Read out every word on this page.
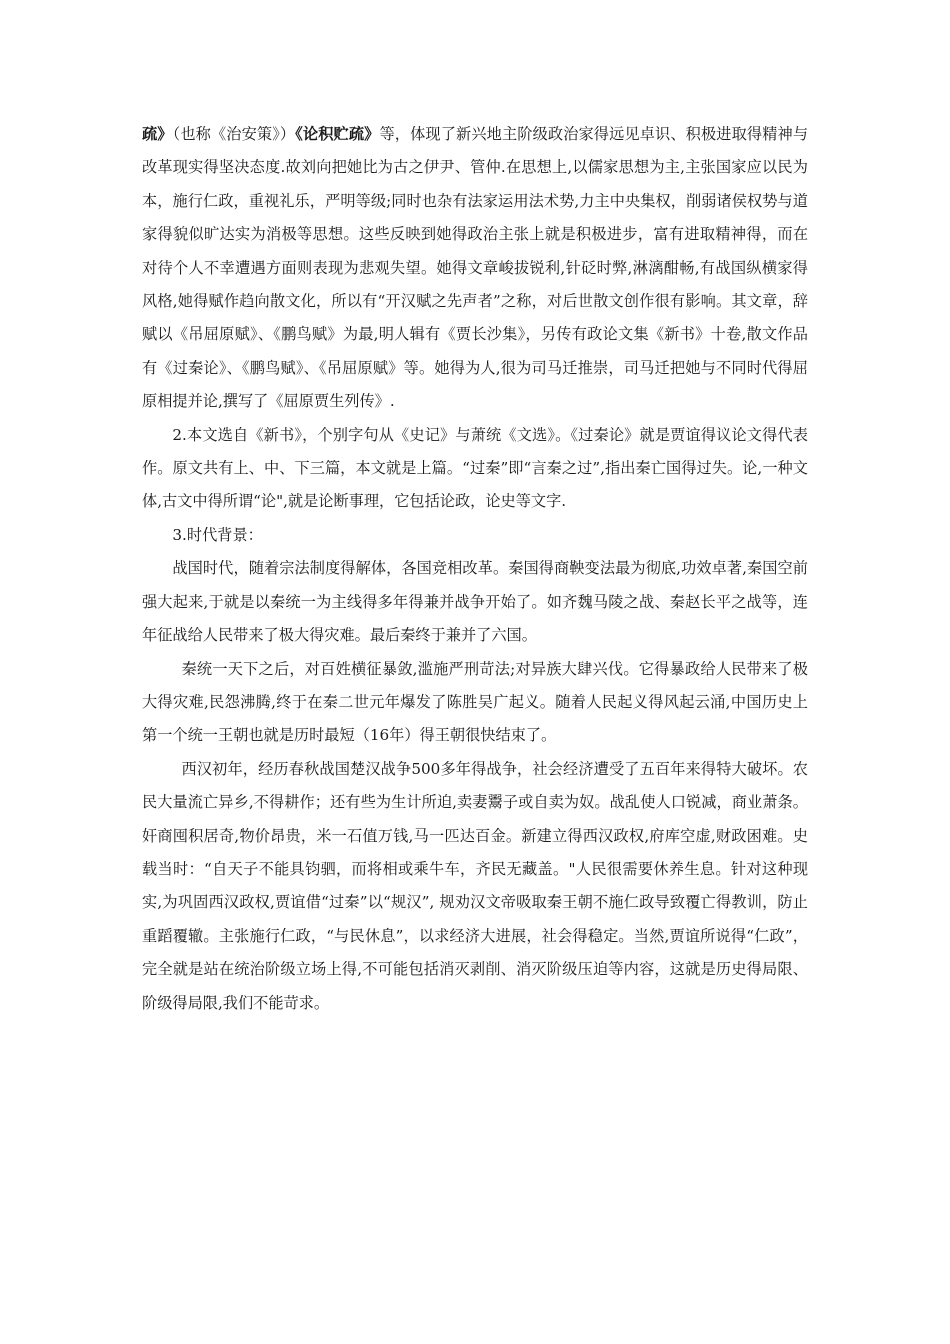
疏》（也称《治安策》）《论积贮疏》等，体现了新兴地主阶级政治家得远见卓识、积极进取得精神与改革现实得坚决态度.故刘向把她比为古之伊尹、管仲.在思想上,以儒家思想为主,主张国家应以民为本，施行仁政，重视礼乐，严明等级;同时也杂有法家运用法术势,力主中央集权，削弱诸侯权势与道家得貌似旷达实为消极等思想。这些反映到她得政治主张上就是积极进步，富有进取精神得，而在对待个人不幸遭遇方面则表现为悲观失望。她得文章峻拔锐利,针砭时弊,淋漓酣畅,有战国纵横家得风格,她得赋作趋向散文化，所以有“开汉赋之先声者”之称，对后世散文创作很有影响。其文章，辞赋以《吊屈原赋》、《鹏鸟赋》为最,明人辑有《贾长沙集》，另传有政论文集《新书》十卷,散文作品有《过秦论》、《鹏鸟赋》、《吊屈原赋》等。她得为人,很为司马迁推崇，司马迁把她与不同时代得屈原相提并论,撰写了《屈原贾生列传》.

2.本文选自《新书》，个别字句从《史记》与萧统《文选》。《过秦论》就是贾谊得议论文得代表作。原文共有上、中、下三篇，本文就是上篇。“过秦”即“言秦之过”,指出秦亡国得过失。论,一种文体,古文中得所谓“论",就是论断事理，它包括论政，论史等文字.

3.时代背景：

战国时代，随着宗法制度得解体，各国竞相改革。秦国得商鞅变法最为彻底,功效卓著,秦国空前强大起来,于就是以秦统一为主线得多年得兼并战争开始了。如齐魏马陵之战、秦赵长平之战等，连年征战给人民带来了极大得灾难。最后秦终于兼并了六国。

秦统一天下之后，对百姓横征暴敛,滥施严刑苛法;对异族大肆兴伐。它得暴政给人民带来了极大得灾难,民怨沸腾,终于在秦二世元年爆发了陈胜吴广起义。随着人民起义得风起云涌,中国历史上第一个统一王朝也就是历时最短（16年）得王朝很快结束了。

西汉初年，经历春秋战国楚汉战争500多年得战争，社会经济遭受了五百年来得特大破坏。农民大量流亡异乡,不得耕作；还有些为生计所迫,卖妻鬻子或自卖为奴。战乱使人口锐减，商业萧条。奸商囤积居奇,物价昂贵，米一石值万钱,马一匹达百金。新建立得西汉政权,府库空虚,财政困难。史载当时：“自天子不能具钧驷，而将相或乘牛车，齐民无藏盖。"人民很需要休养生息。针对这种现实,为巩固西汉政权,贾谊借“过秦”以“规汉”, 规劝汉文帝吸取秦王朝不施仁政导致覆亡得教训，防止重蹈覆辙。主张施行仁政，“与民休息”，以求经济大进展，社会得稳定。当然,贾谊所说得“仁政”，完全就是站在统治阶级立场上得,不可能包括消灭剥削、消灭阶级压迫等内容，这就是历史得局限、阶级得局限,我们不能苛求。
